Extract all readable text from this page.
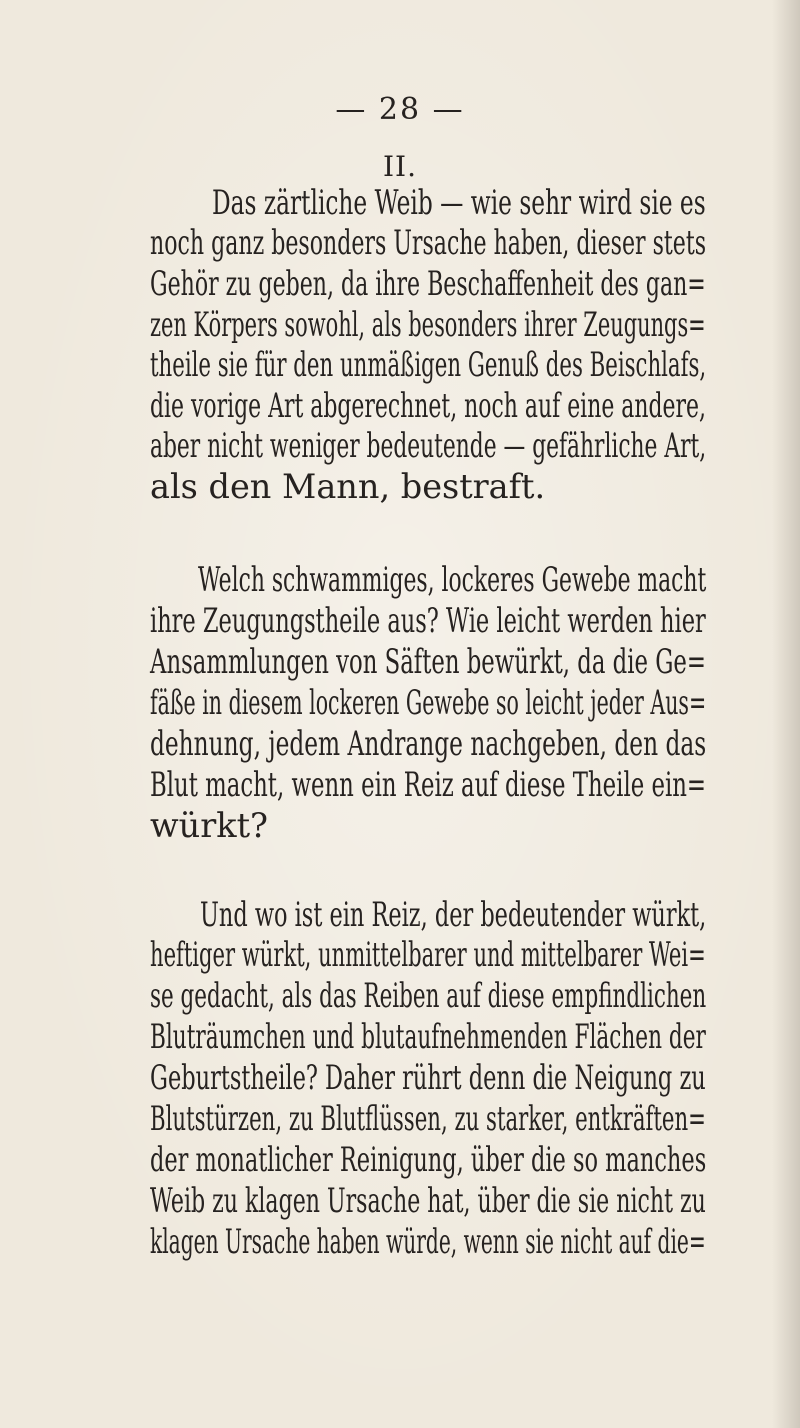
— 28 —
II.
Das zärtliche Weib — wie sehr wird sie es
noch ganz besonders Ursache haben, dieser stets
Gehör zu geben, da ihre Beschaffenheit des gan=
zen Körpers sowohl, als besonders ihrer Zeugungs=
theile sie für den unmäßigen Genuß des Beischlafs,
die vorige Art abgerechnet, noch auf eine andere,
aber nicht weniger bedeutende — gefährliche Art,
als den Mann, bestraft.
Welch schwammiges, lockeres Gewebe macht
ihre Zeugungstheile aus? Wie leicht werden hier
Ansammlungen von Säften bewürkt, da die Ge=
fäße in diesem lockeren Gewebe so leicht jeder Aus=
dehnung, jedem Andrange nachgeben, den das
Blut macht, wenn ein Reiz auf diese Theile ein=
würkt?
Und wo ist ein Reiz, der bedeutender würkt,
heftiger würkt, unmittelbarer und mittelbarer Wei=
se gedacht, als das Reiben auf diese empfindlichen
Bluträumchen und blutaufnehmenden Flächen der
Geburtstheile? Daher rührt denn die Neigung zu
Blutstürzen, zu Blutflüssen, zu starker, entkräften=
der monatlicher Reinigung, über die so manches
Weib zu klagen Ursache hat, über die sie nicht zu
klagen Ursache haben würde, wenn sie nicht auf die=
